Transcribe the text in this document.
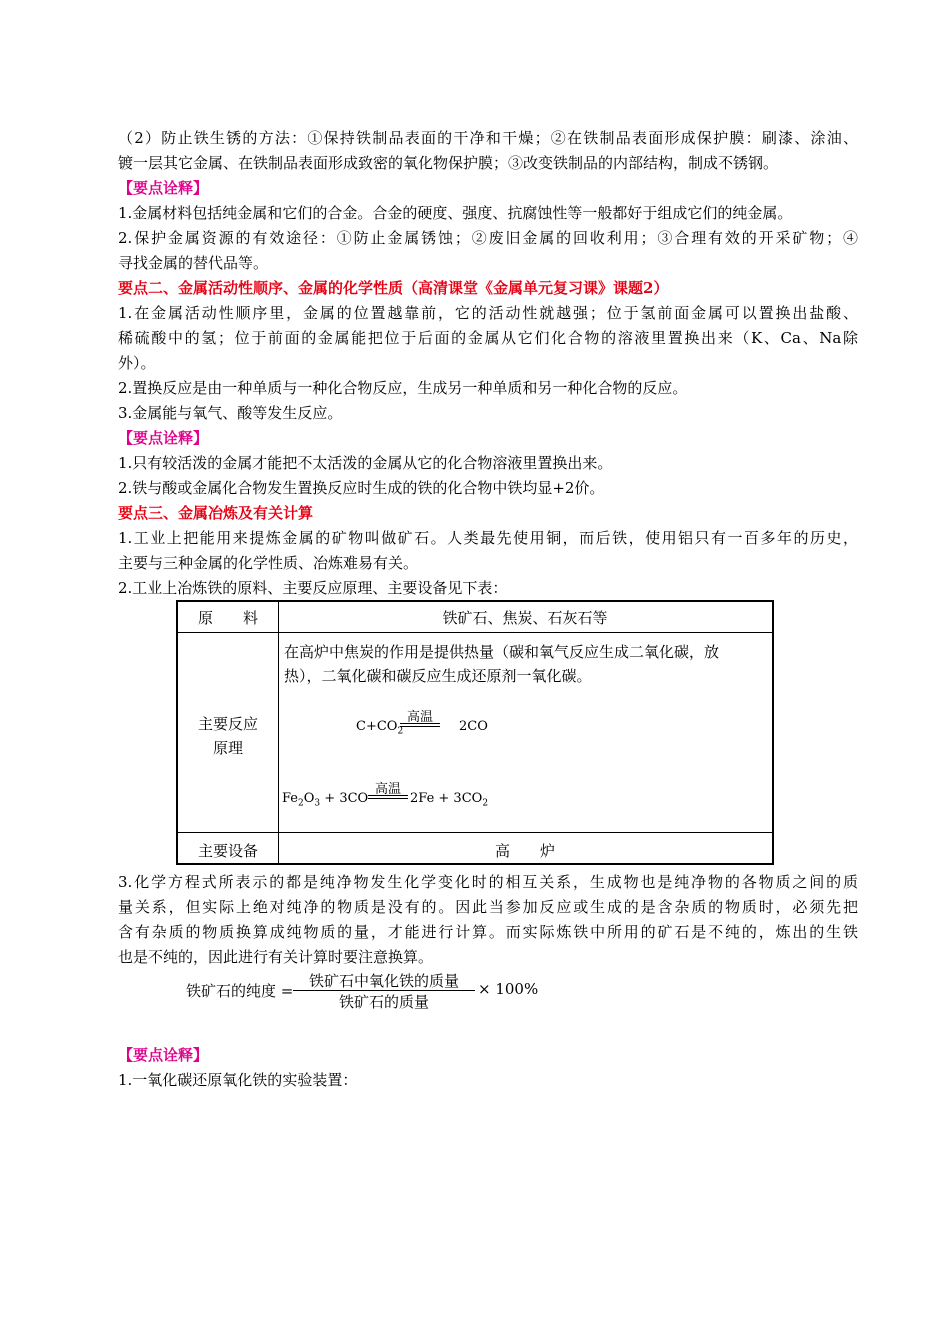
（2）防止铁生锈的方法：①保持铁制品表面的干净和干燥；②在铁制品表面形成保护膜：刷漆、涂油、
镀一层其它金属、在铁制品表面形成致密的氧化物保护膜；③改变铁制品的内部结构，制成不锈钢。
【要点诠释】
1.金属材料包括纯金属和它们的合金。合金的硬度、强度、抗腐蚀性等一般都好于组成它们的纯金属。
2.保护金属资源的有效途径：①防止金属锈蚀；②废旧金属的回收利用；③合理有效的开采矿物；④
寻找金属的替代品等。
要点二、金属活动性顺序、金属的化学性质（高清课堂《金属单元复习课》课题2）
1.在金属活动性顺序里，金属的位置越靠前，它的活动性就越强；位于氢前面金属可以置换出盐酸、
稀硫酸中的氢；位于前面的金属能把位于后面的金属从它们化合物的溶液里置换出来（K、Ca、Na除
外）。
2.置换反应是由一种单质与一种化合物反应，生成另一种单质和另一种化合物的反应。
3.金属能与氧气、酸等发生反应。
【要点诠释】
1.只有较活泼的金属才能把不太活泼的金属从它的化合物溶液里置换出来。
2.铁与酸或金属化合物发生置换反应时生成的铁的化合物中铁均显+2价。
要点三、金属冶炼及有关计算
1.工业上把能用来提炼金属的矿物叫做矿石。人类最先使用铜，而后铁，使用铝只有一百多年的历史，
主要与三种金属的化学性质、冶炼难易有关。
2.工业上冶炼铁的原料、主要反应原理、主要设备见下表：
原　　料	铁矿石、焦炭、石灰石等
主要反应
原理
在高炉中焦炭的作用是提供热量（碳和氧气反应生成二氧化碳，放
热），二氧化碳和碳反应生成还原剂一氧化碳。
$C+CO_2$
高温
2CO
$Fe_2O_3 + 3CO$
高温
$2Fe + 3CO_2$
主要设备	高　　炉
3.化学方程式所表示的都是纯净物发生化学变化时的相互关系，生成物也是纯净物的各物质之间的质
量关系，但实际上绝对纯净的物质是没有的。因此当参加反应或生成的是含杂质的物质时，必须先把
含有杂质的物质换算成纯物质的量，才能进行计算。而实际炼铁中所用的矿石是不纯的，炼出的生铁
也是不纯的，因此进行有关计算时要注意换算。
铁矿石的纯度 =
铁矿石中氧化铁的质量
铁矿石的质量
× 100%
【要点诠释】
1.一氧化碳还原氧化铁的实验装置：
